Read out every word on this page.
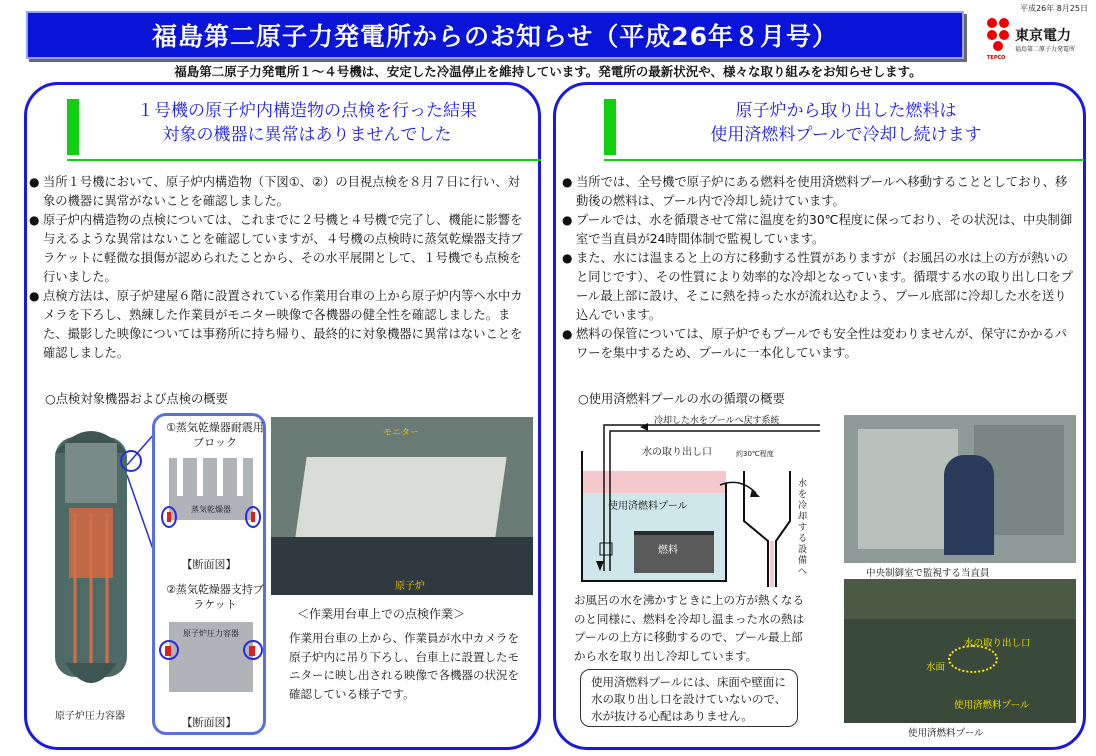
福島第二原子力発電所からのお知らせ（平成26年８月号）
平成26年 8月25日
東京電力
福島第二原子力発電所
TEPCO
福島第二原子力発電所１～４号機は、安定した冷温停止を維持しています。発電所の最新状況や、様々な取り組みをお知らせします。
１号機の原子炉内構造物の点検を行った結果
対象の機器に異常はありませんでした
● 当所１号機において、原子炉内構造物（下図①、②）の目視点検を８月７日に行い、対象の機器に異常がないことを確認しました。
● 原子炉内構造物の点検については、これまでに２号機と４号機で完了し、機能に影響を与えるような異常はないことを確認していますが、４号機の点検時に蒸気乾燥器支持ブラケットに軽微な損傷が認められたことから、その水平展開として、１号機でも点検を行いました。
● 点検方法は、原子炉建屋６階に設置されている作業用台車の上から原子炉内等へ水中カメラを下ろし、熟練した作業員がモニター映像で各機器の健全性を確認しました。また、撮影した映像については事務所に持ち帰り、最終的に対象機器に異常はないことを確認しました。
○点検対象機器および点検の概要
原子炉圧力容器
①蒸気乾燥器耐震用ブロック
蒸気乾燥器
【断面図】
②蒸気乾燥器支持ブラケット
原子炉圧力容器
【断面図】
モニター
原子炉
＜作業用台車上での点検作業＞
作業用台車の上から、作業員が水中カメラを原子炉内に吊り下ろし、台車上に設置したモニターに映し出される映像で各機器の状況を確認している様子です。
原子炉から取り出した燃料は
使用済燃料プールで冷却し続けます
● 当所では、全号機で原子炉にある燃料を使用済燃料プールへ移動することとしており、移動後の燃料は、プール内で冷却し続けています。
● プールでは、水を循環させて常に温度を約30℃程度に保っており、その状況は、中央制御室で当直員が24時間体制で監視しています。
● また、水には温まると上の方に移動する性質がありますが（お風呂の水は上の方が熱いのと同じです）、その性質により効率的な冷却となっています。循環する水の取り出し口をプール最上部に設け、そこに熱を持った水が流れ込むよう、プール底部に冷却した水を送り込んでいます。
● 燃料の保管については、原子炉でもプールでも安全性は変わりませんが、保守にかかるパワーを集中するため、プールに一本化しています。
○使用済燃料プールの水の循環の概要
冷却した水をプールへ戻す系統
水の取り出し口	約30℃程度
使用済燃料プール
燃料
水を冷却する設備へ
お風呂の水を沸かすときに上の方が熱くなるのと同様に、燃料を冷却し温まった水の熱はプールの上方に移動するので、プール最上部から水を取り出し冷却しています。
使用済燃料プールには、床面や壁面に水の取り出し口を設けていないので、水が抜ける心配はありません。
中央制御室で監視する当直員
水の取り出し口
水面
使用済燃料プール
使用済燃料プール
